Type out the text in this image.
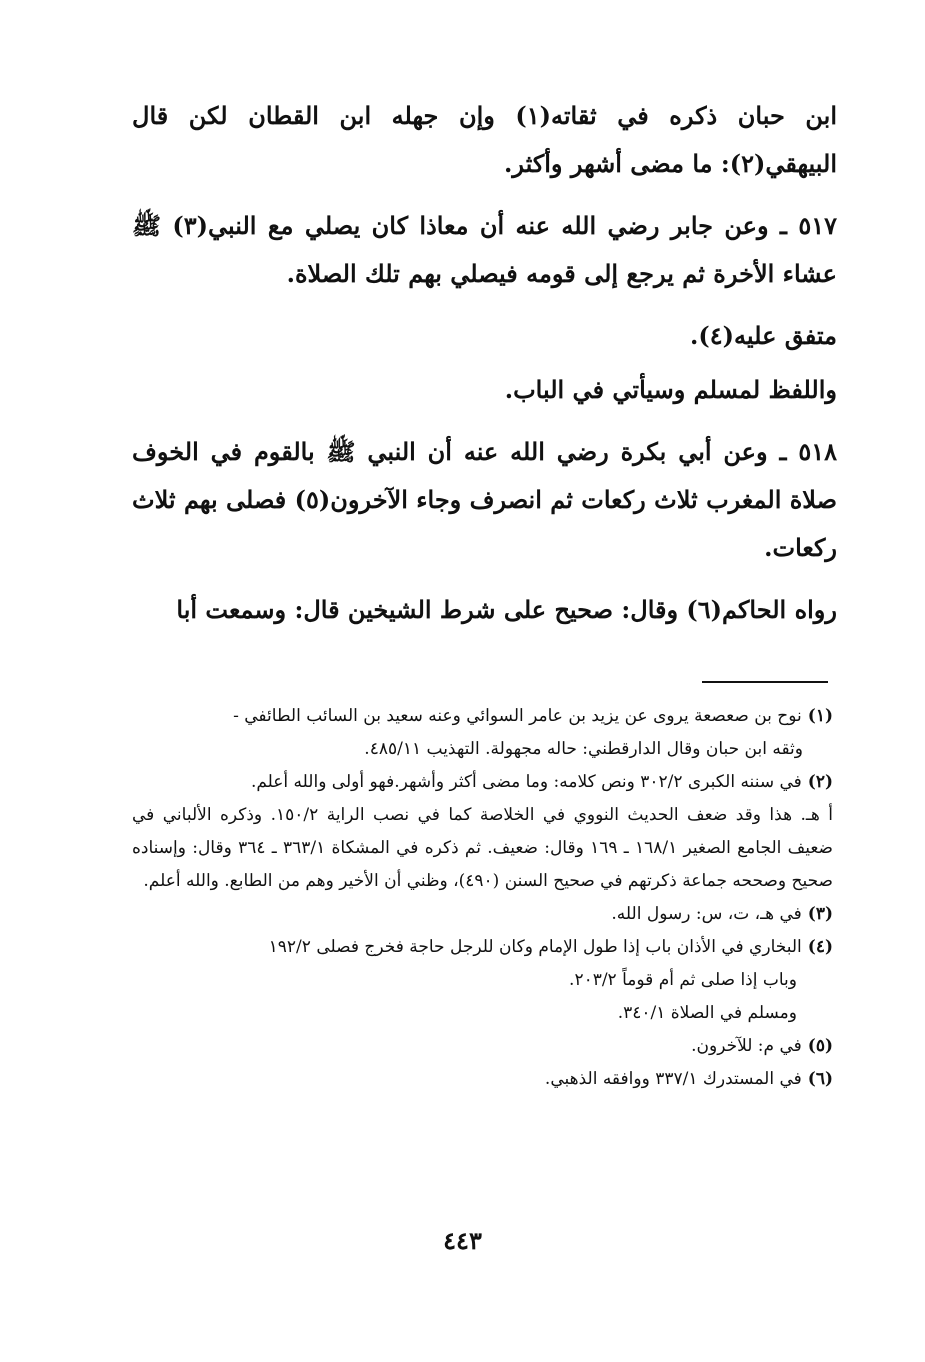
ابن حبان ذكره في ثقاته(١) وإن جهله ابن القطان لكن قال البيهقي(٢): ما مضى أشهر وأكثر.

٥١٧ ـ وعن جابر رضي الله عنه أن معاذا كان يصلي مع النبي(٣) ﷺ عشاء الأخرة ثم يرجع إلى قومه فيصلي بهم تلك الصلاة.

متفق عليه(٤).

واللفظ لمسلم وسيأتي في الباب.

٥١٨ ـ وعن أبي بكرة رضي الله عنه أن النبي ﷺ بالقوم في الخوف صلاة المغرب ثلاث ركعات ثم انصرف وجاء الآخرون(٥) فصلى بهم ثلاث ركعات.

رواه الحاكم(٦) وقال: صحيح على شرط الشيخين قال: وسمعت أبا

(١)نوح بن صعصعة يروى عن يزيد بن عامر السوائي وعنه سعيد بن السائب الطائفي -
وثقه ابن حبان وقال الدارقطني: حاله مجهولة. التهذيب ٤٨٥/١١.
(٢)في سننه الكبرى ٣٠٢/٢ ونص كلامه: وما مضى أكثر وأشهر.فهو أولى والله أعلم.
أ هـ. هذا وقد ضعف الحديث النووي في الخلاصة كما في نصب الراية ١٥٠/٢. وذكره الألباني في ضعيف الجامع الصغير ١٦٨/١ ـ ١٦٩ وقال: ضعيف. ثم ذكره في المشكاة ٣٦٣/١ ـ ٣٦٤ وقال: وإسناده صحيح وصححه جماعة ذكرتهم في صحيح السنن (٤٩٠)، وظني أن الأخير وهم من الطابع. والله أعلم.
(٣)في هـ، ت، س: رسول الله.
(٤)البخاري في الأذان باب إذا طول الإمام وكان للرجل حاجة فخرج فصلى ١٩٢/٢
وباب إذا صلى ثم أم قوماً ٢٠٣/٢.
ومسلم في الصلاة ٣٤٠/١.
(٥)في م: للآخرون.
(٦)في المستدرك ٣٣٧/١ ووافقه الذهبي.
٤٤٣
